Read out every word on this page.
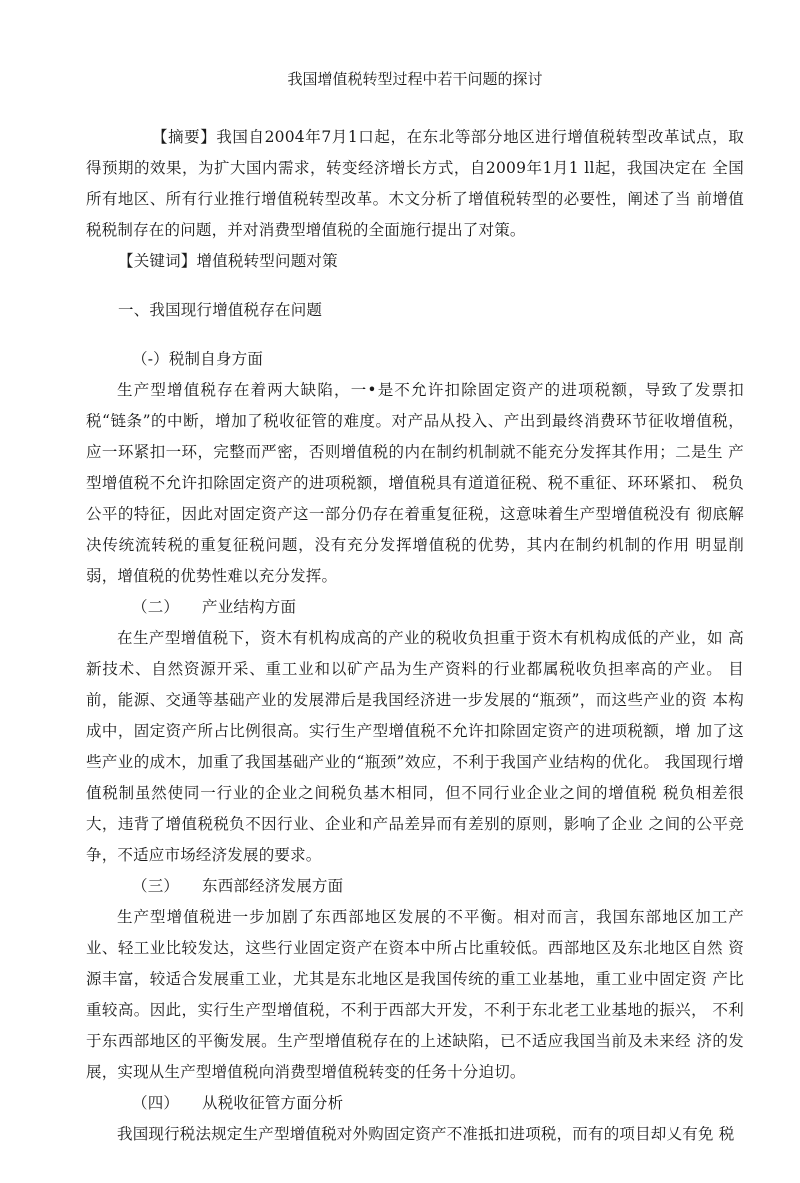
我国增值税转型过程中若干问题的探讨

【摘要】我国自2004年7月1口起，在东北等部分地区进行增值税转型改革试点，取得预期的效果，为扩大国内需求，转变经济增长方式，自2009年1月1 ll起，我国决定在 全国所有地区、所有行业推行增值税转型改革。木文分析了增值税转型的必要性，阐述了当 前增值税税制存在的问题，并对消费型增值税的全面施行提出了对策。

【关键词】增值税转型问题对策

一、我国现行增值税存在问题

（-）税制自身方面

生产型增值税存在着两大缺陷，一•是不允许扣除固定资产的进项税额，导致了发票扣税“链条”的中断，增加了税收征管的难度。对产品从投入、产出到最终消费环节征收增值税，应一环紧扣一环，完整而严密，否则增值税的内在制约机制就不能充分发挥其作用；二是生 产型增值税不允许扣除固定资产的进项税额，增值税具有道道征税、税不重征、环环紧扣、 税负公平的特征，因此对固定资产这一部分仍存在着重复征税，这意味着生产型增值税没有 彻底解决传统流转税的重复征税问题，没有充分发挥增值税的优势，其内在制约机制的作用 明显削弱，增值税的优势性难以充分发挥。

（二） 产业结构方面

在生产型增值税下，资木有机构成高的产业的税收负担重于资木有机构成低的产业，如 高新技术、自然资源开采、重工业和以矿产品为生产资料的行业都属税收负担率高的产业。 目前，能源、交通等基础产业的发展滞后是我国经济进一步发展的“瓶颈”，而这些产业的资 本构成中，固定资产所占比例很高。实行生产型增值税不允许扣除固定资产的进项税额，增 加了这些产业的成木，加重了我国基础产业的“瓶颈”效应，不利于我国产业结构的优化。 我国现行增值税制虽然使同一行业的企业之间税负基木相同，但不同行业企业之间的增值税 税负相差很大，违背了增值税税负不因行业、企业和产品差异而有差别的原则，影响了企业 之间的公平竞争，不适应市场经济发展的要求。

（三） 东西部经济发展方面

生产型增值税进一步加剧了东西部地区发展的不平衡。相对而言，我国东部地区加工产业、轻工业比较发达，这些行业固定资产在资本中所占比重较低。西部地区及东北地区自然 资源丰富，较适合发展重工业，尤其是东北地区是我国传统的重工业基地，重工业中固定资 产比重较高。因此，实行生产型增值税，不利于西部大开发，不利于东北老工业基地的振兴， 不利于东西部地区的平衡发展。生产型增值税存在的上述缺陷，已不适应我国当前及未来经 济的发展，实现从生产型增值税向消费型增值税转变的任务十分迫切。

（四） 从税收征管方面分析

我国现行税法规定生产型增值税对外购固定资产不准抵扣进项税，而有的项目却乂有免 税
